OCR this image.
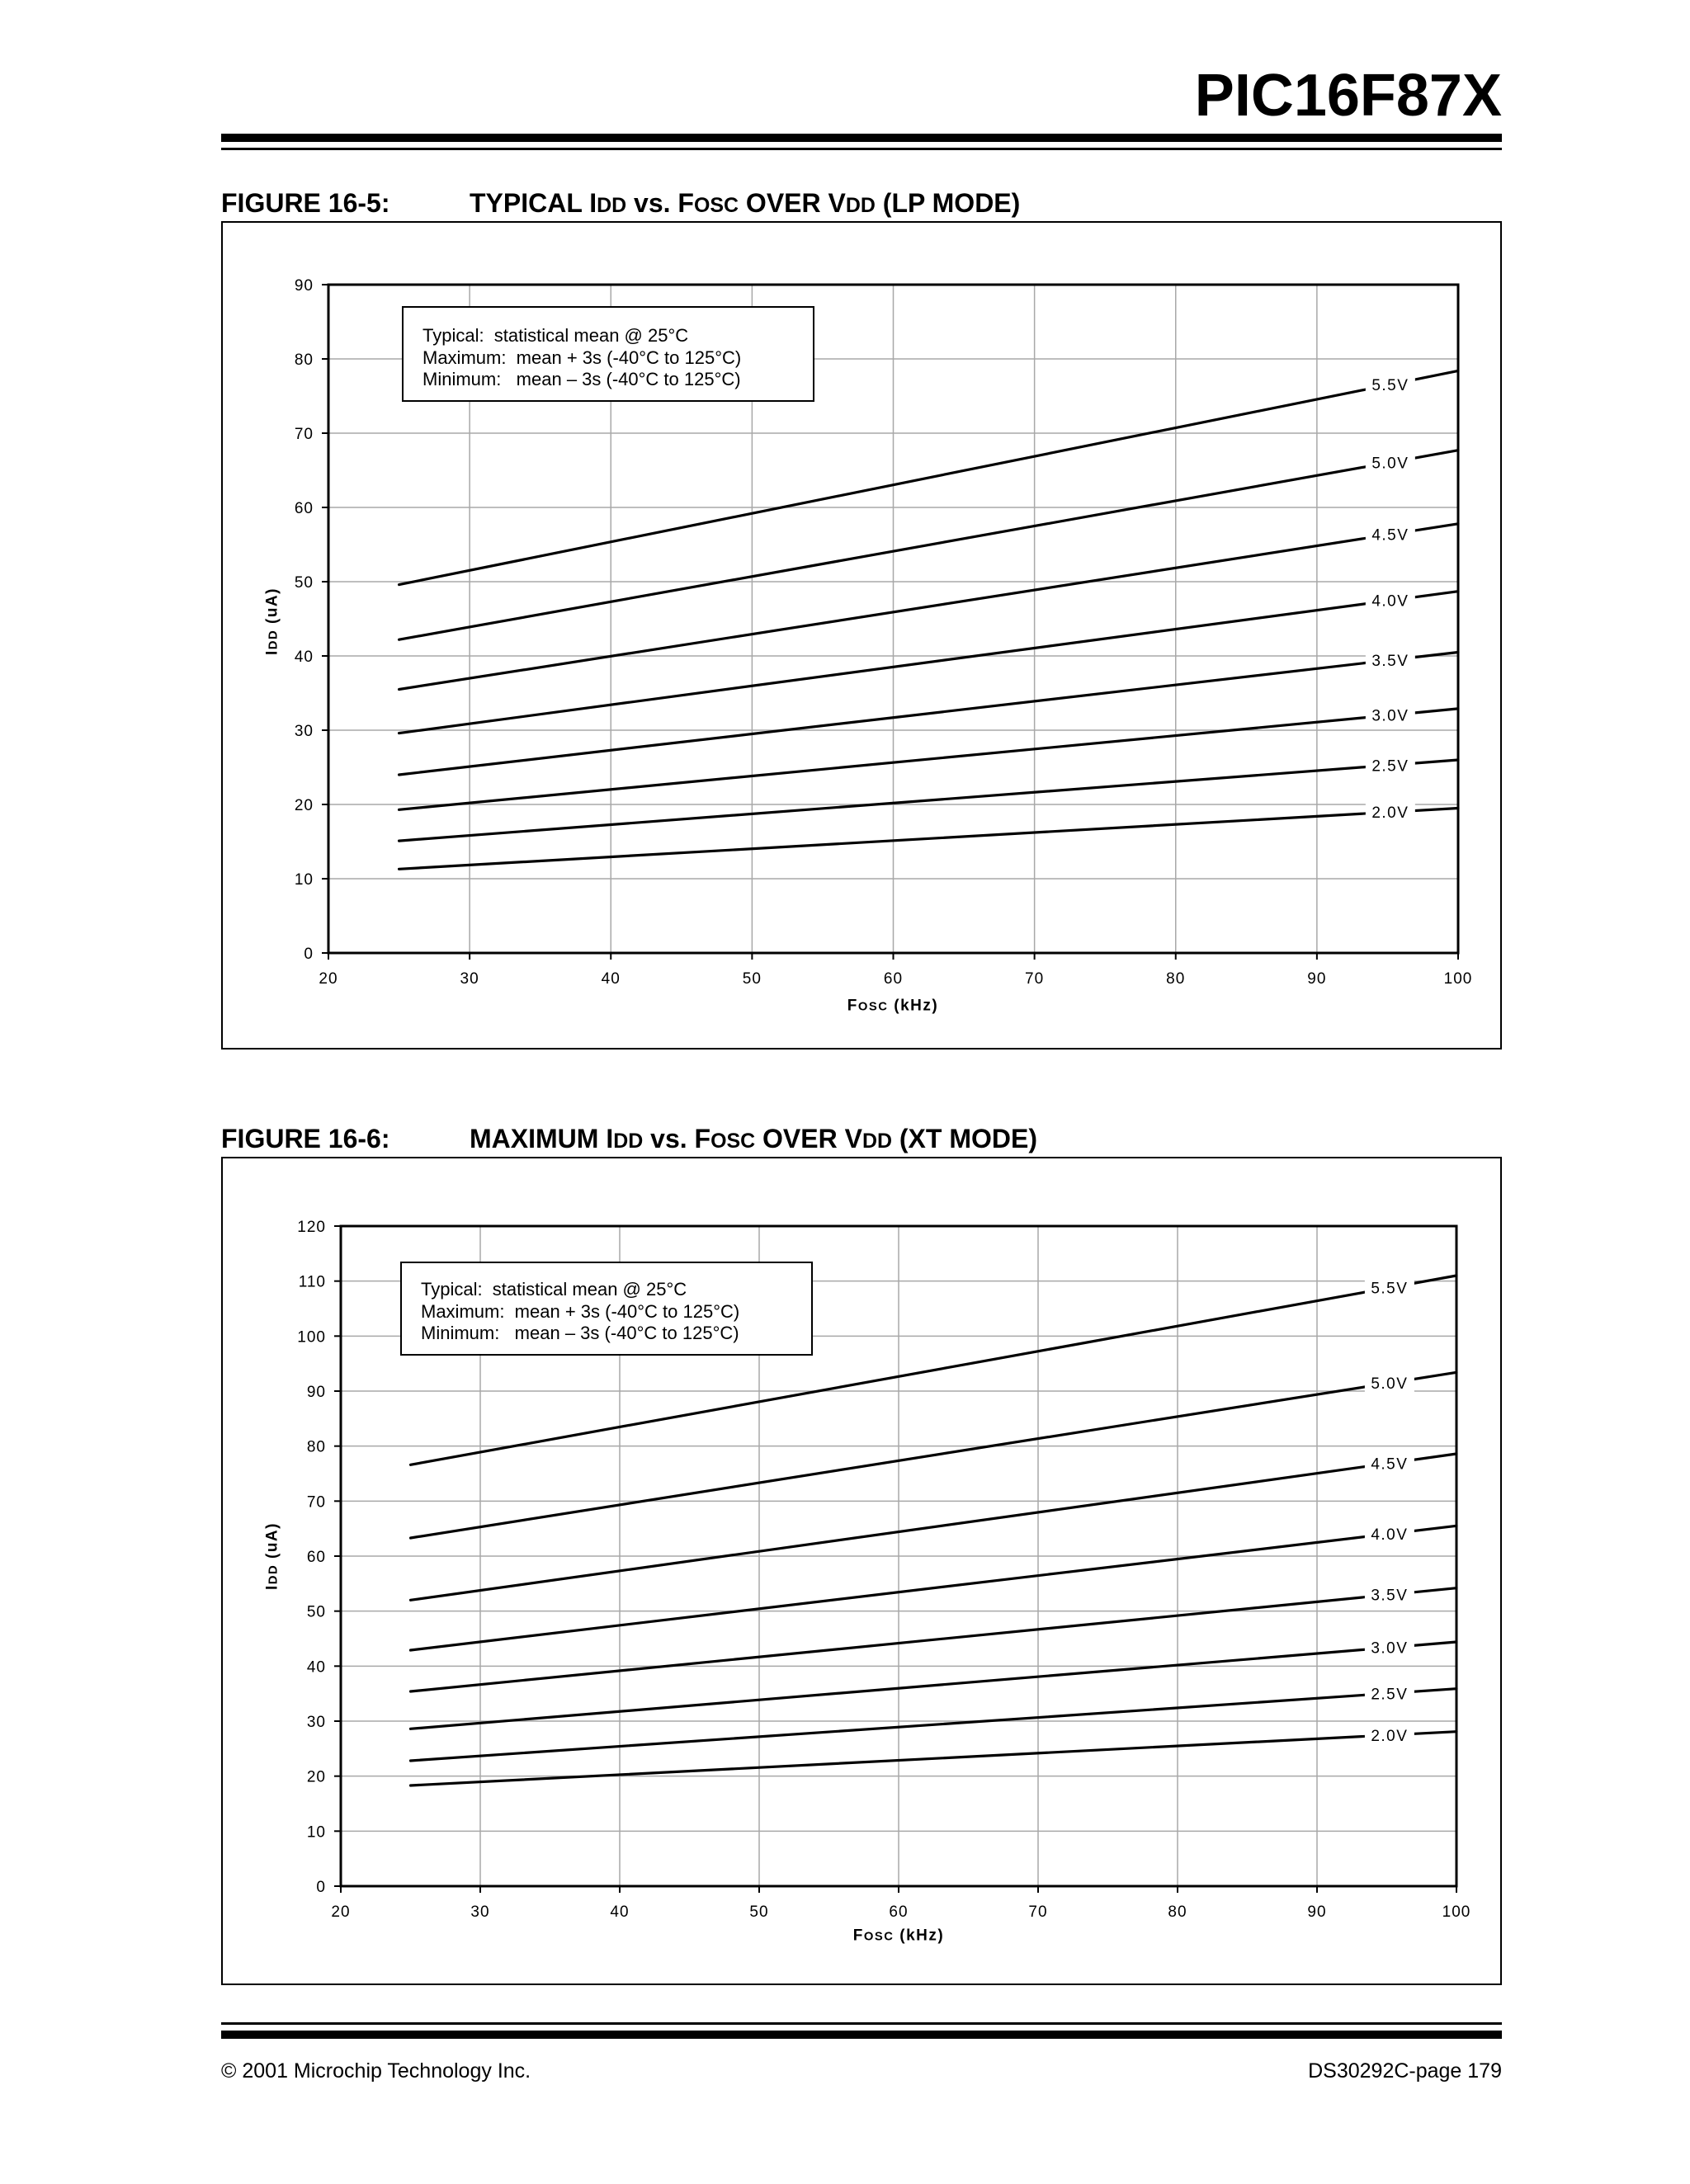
PIC16F87X
FIGURE 16-5:	TYPICAL IDD vs. FOSC OVER VDD (LP MODE)
5.5V
5.0V
4.5V
4.0V
3.5V
3.0V
2.5V
2.0V
20	30	40	50	60	70	80	90	100
0
10
20
30
40
50
60
70
80
90
Typical:  statistical mean @ 25°C
Maximum:  mean + 3s (-40°C to 125°C)
Minimum:   mean – 3s (-40°C to 125°C)
FOSC (kHz)
IDD (uA)
FIGURE 16-6:	MAXIMUM IDD vs. FOSC OVER VDD (XT MODE)
5.5V
5.0V
4.5V
4.0V
3.5V
3.0V
2.5V
2.0V
20	30	40	50	60	70	80	90	100
0
10
20
30
40
50
60
70
80
90
100
110
120
Typical:  statistical mean @ 25°C
Maximum:  mean + 3s (-40°C to 125°C)
Minimum:   mean – 3s (-40°C to 125°C)
FOSC (kHz)
IDD (uA)
© 2001 Microchip Technology Inc.	DS30292C-page 179
